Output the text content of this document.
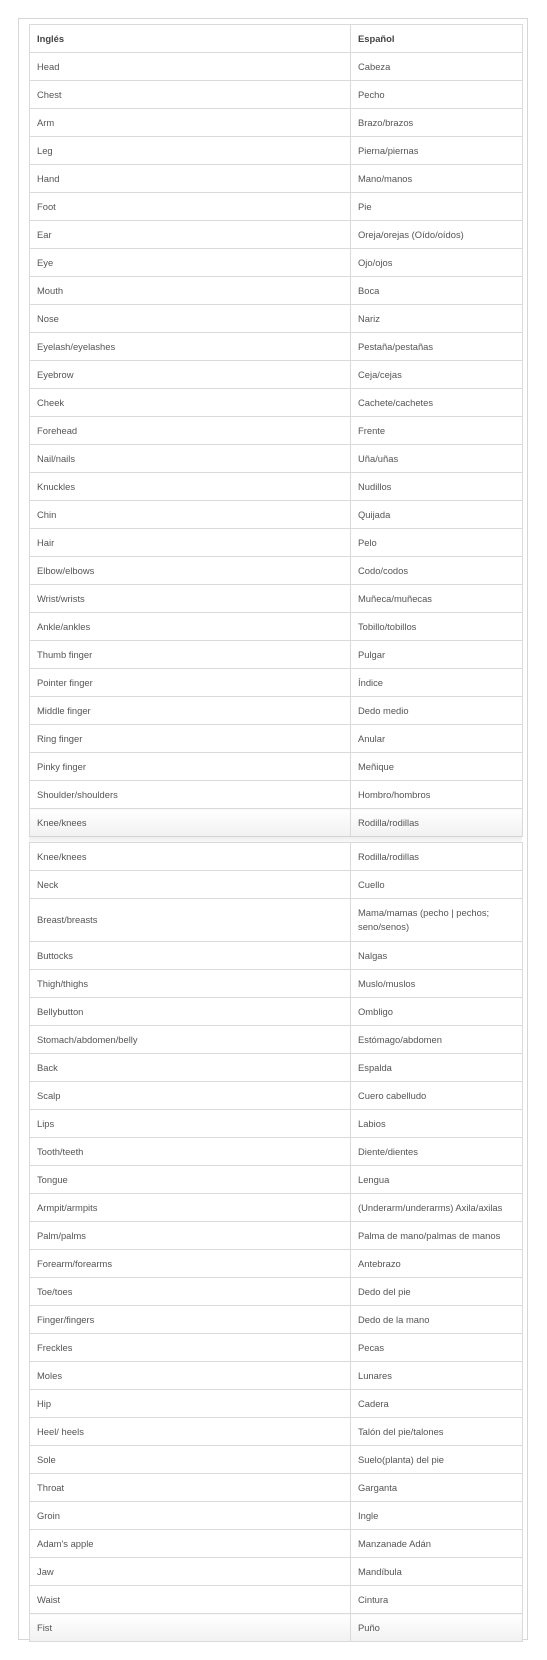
Inglés	Español
Head	Cabeza
Chest	Pecho
Arm	Brazo/brazos
Leg	Pierna/piernas
Hand	Mano/manos
Foot	Pie
Ear	Oreja/orejas (Oído/oídos)
Eye	Ojo/ojos
Mouth	Boca
Nose	Nariz
Eyelash/eyelashes	Pestaña/pestañas
Eyebrow	Ceja/cejas
Cheek	Cachete/cachetes
Forehead	Frente
Nail/nails	Uña/uñas
Knuckles	Nudillos
Chin	Quijada
Hair	Pelo
Elbow/elbows	Codo/codos
Wrist/wrists	Muñeca/muñecas
Ankle/ankles	Tobillo/tobillos
Thumb finger	Pulgar
Pointer finger	Índice
Middle finger	Dedo medio
Ring finger	Anular
Pinky finger	Meñique
Shoulder/shoulders	Hombro/hombros
Knee/knees	Rodilla/rodillas
Knee/knees	Rodilla/rodillas
Neck	Cuello
Breast/breasts	Mama/mamas (pecho | pechos; seno/senos)
Buttocks	Nalgas
Thigh/thighs	Muslo/muslos
Bellybutton	Ombligo
Stomach/abdomen/belly	Estómago/abdomen
Back	Espalda
Scalp	Cuero cabelludo
Lips	Labios
Tooth/teeth	Diente/dientes
Tongue	Lengua
Armpit/armpits	(Underarm/underarms) Axila/axilas
Palm/palms	Palma de mano/palmas de manos
Forearm/forearms	Antebrazo
Toe/toes	Dedo del pie
Finger/fingers	Dedo de la mano
Freckles	Pecas
Moles	Lunares
Hip	Cadera
Heel/ heels	Talón del pie/talones
Sole	Suelo(planta) del pie
Throat	Garganta
Groin	Ingle
Adam's apple	Manzanade Adán
Jaw	Mandíbula
Waist	Cintura
Fist	Puño
